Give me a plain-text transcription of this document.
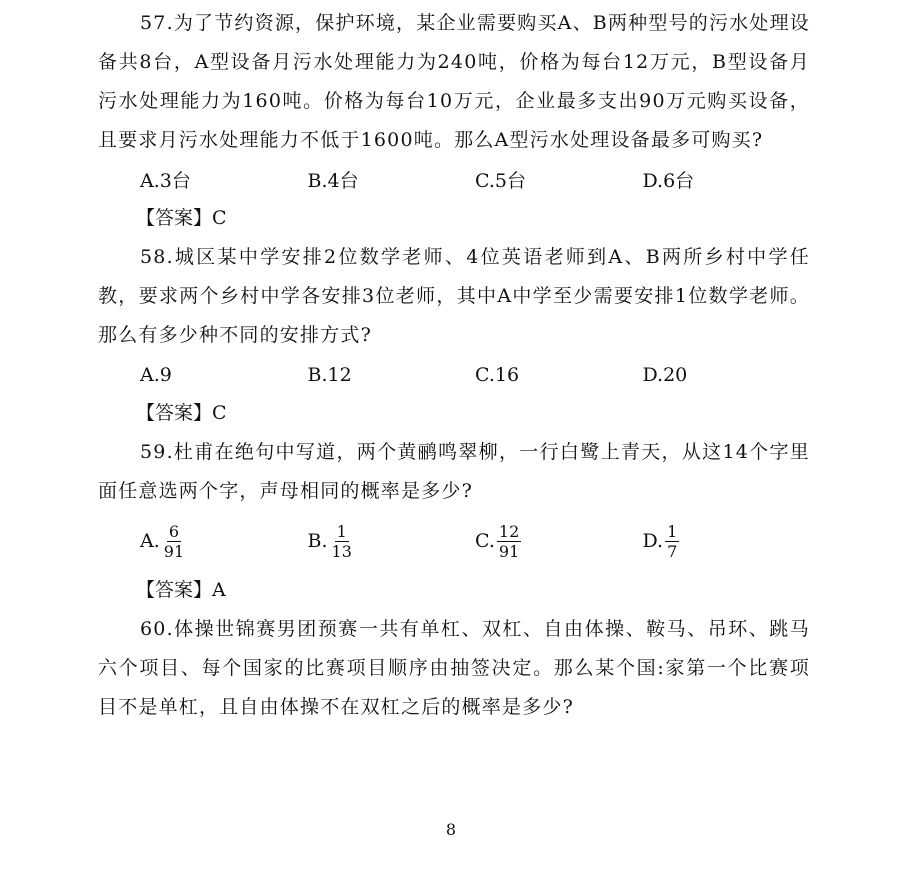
57.为了节约资源，保护环境，某企业需要购买A、B两种型号的污水处理设备共8台，A型设备月污水处理能力为240吨，价格为每台12万元，B型设备月污水处理能力为160吨。价格为每台10万元，企业最多支出90万元购买设备，且要求月污水处理能力不低于1600吨。那么A型污水处理设备最多可购买?

A.3台	B.4台	C.5台	D.6台
【答案】C

58.城区某中学安排2位数学老师、4位英语老师到A、B两所乡村中学任教，要求两个乡村中学各安排3位老师，其中A中学至少需要安排1位数学老师。那么有多少种不同的安排方式?

A.9	B.12	C.16	D.20
【答案】C

59.杜甫在绝句中写道，两个黄鹂鸣翠柳，一行白鹭上青天，从这14个字里面任意选两个字，声母相同的概率是多少?

A. $\frac{6}{91}$	B. $\frac{1}{13}$	C. $\frac{12}{91}$	D. $\frac{1}{7}$
【答案】A

60.体操世锦赛男团预赛一共有单杠、双杠、自由体操、鞍马、吊环、跳马六个项目、每个国家的比赛项目顺序由抽签决定。那么某个国:家第一个比赛项目不是单杠，且自由体操不在双杠之后的概率是多少?

8
